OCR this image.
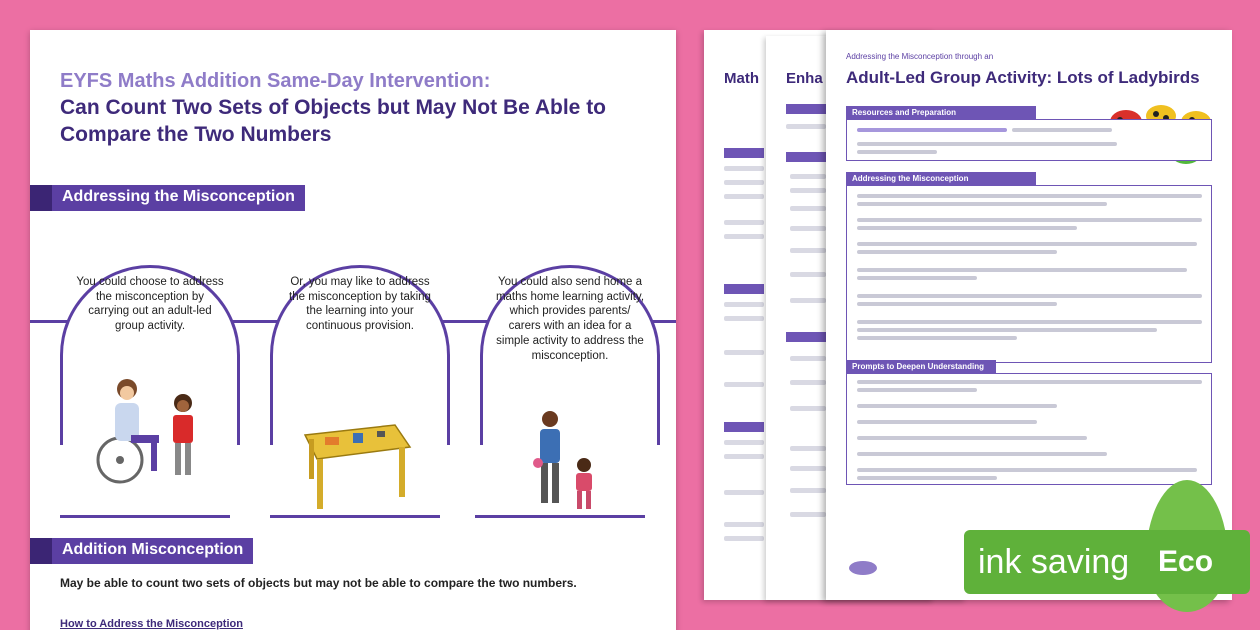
Math Enha
EYFS Maths Addition Same-Day Intervention:
Can Count Two Sets of Objects but May Not Be Able to Compare the Two Numbers
Addressing the Misconception
You could choose to address the misconception by carrying out an adult-led group activity.
Or, you may like to address the misconception by taking the learning into your continuous provision.
You could also send home a maths home learning activity, which provides parents/ carers with an idea for a simple activity to address the misconception.
Addition Misconception
May be able to count two sets of objects but may not be able to compare the two numbers.
How to Address the Misconception
Addressing the Misconception through an
Adult-Led Group Activity: Lots of Ladybirds
Resources and Preparation
Addressing the Misconception
Prompts to Deepen Understanding
ink saving Eco
